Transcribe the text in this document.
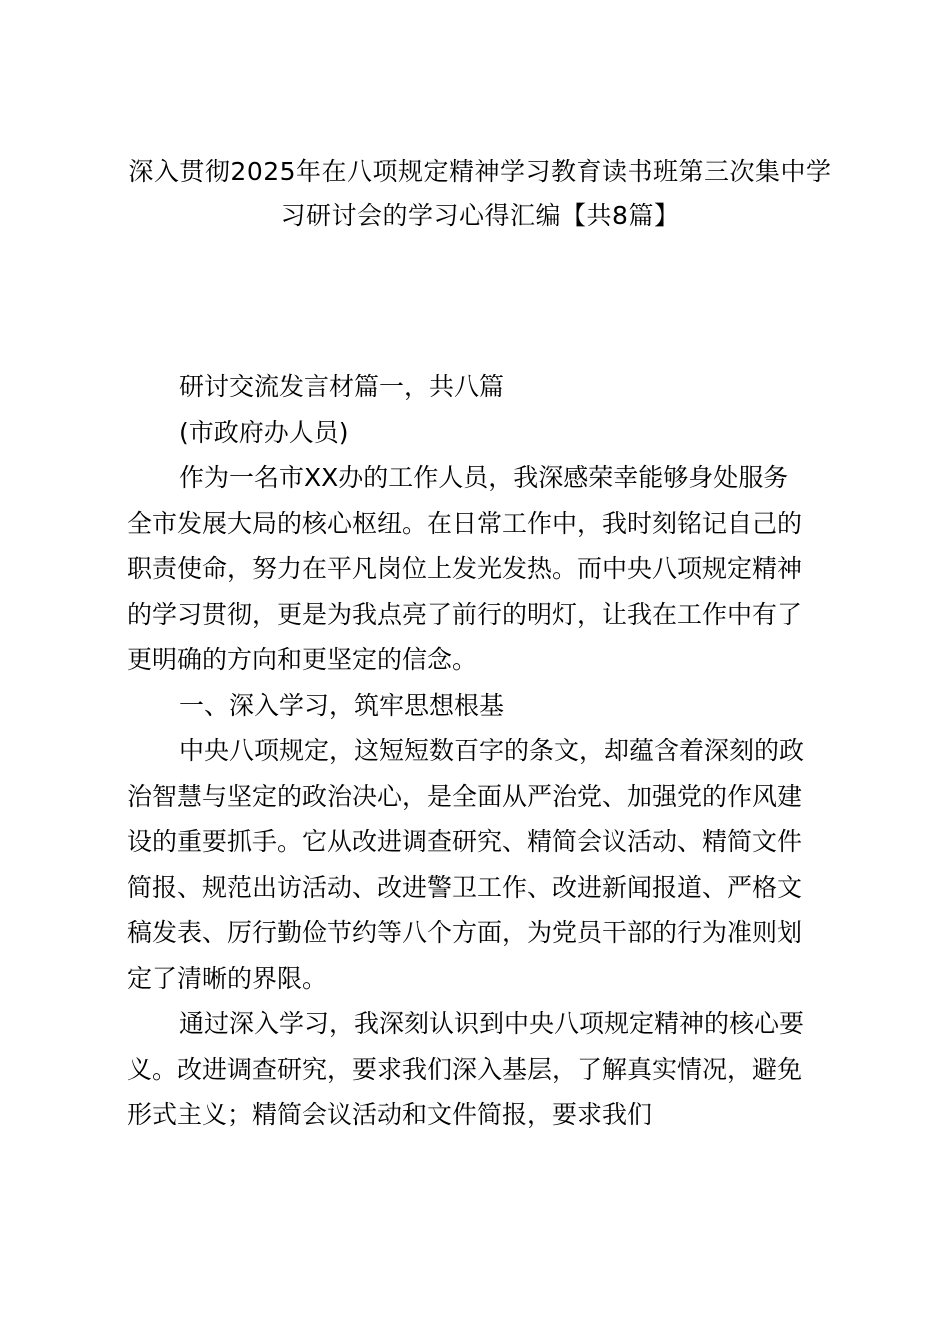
深入贯彻2025年在八项规定精神学习教育读书班第三次集中学
习研讨会的学习心得汇编【共8篇】
研讨交流发言材篇一，共八篇
(市政府办人员)
作为一名市XX办的工作人员，我深感荣幸能够身处服务
全市发展大局的核心枢纽。在日常工作中，我时刻铭记自己的
职责使命，努力在平凡岗位上发光发热。而中央八项规定精神
的学习贯彻，更是为我点亮了前行的明灯，让我在工作中有了
更明确的方向和更坚定的信念。
一、深入学习，筑牢思想根基
中央八项规定，这短短数百字的条文，却蕴含着深刻的政
治智慧与坚定的政治决心，是全面从严治党、加强党的作风建
设的重要抓手。它从改进调查研究、精简会议活动、精简文件
简报、规范出访活动、改进警卫工作、改进新闻报道、严格文
稿发表、厉行勤俭节约等八个方面，为党员干部的行为准则划
定了清晰的界限。
通过深入学习，我深刻认识到中央八项规定精神的核心要
义。改进调查研究，要求我们深入基层，了解真实情况，避免
形式主义；精简会议活动和文件简报，要求我们
